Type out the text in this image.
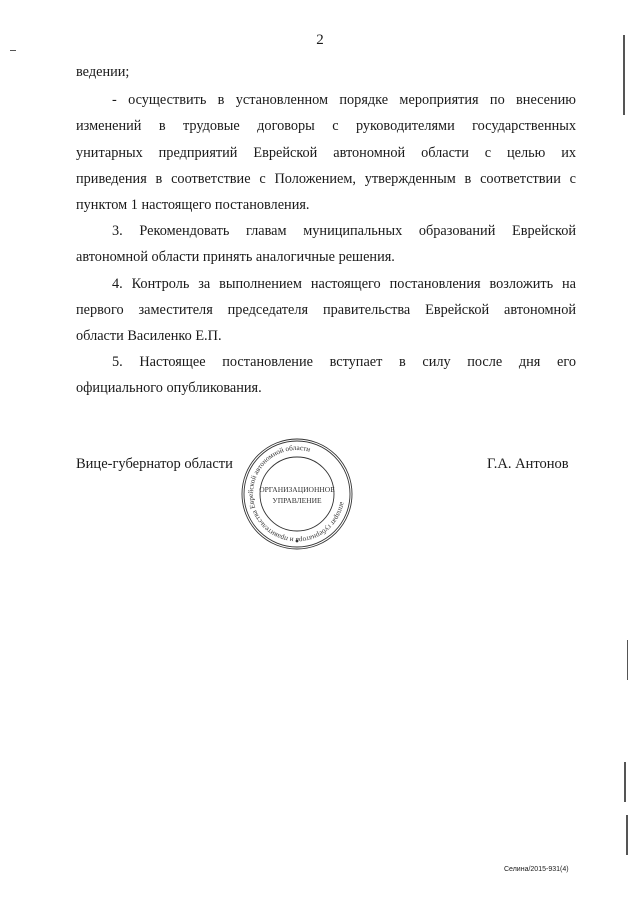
2
ведении;
- осуществить в установленном порядке мероприятия по внесению
изменений в трудовые договоры с руководителями государственных
унитарных предприятий Еврейской автономной области с целью их
приведения в соответствие с Положением, утвержденным в соответствии с
пунктом 1 настоящего постановления.
3. Рекомендовать главам муниципальных образований Еврейской
автономной области принять аналогичные решения.
4. Контроль за выполнением настоящего постановления возложить на
первого заместителя председателя правительства Еврейской автономной
области Василенко Е.П.
5. Настоящее постановление вступает в силу после дня его
официального опубликования.
Вице-губернатор области	Г.А. Антонов
аппарат губернатора и правительства Еврейской автономной области
ОРГАНИЗАЦИОННОЕ
УПРАВЛЕНИЕ
Селина/2015-931(4)
